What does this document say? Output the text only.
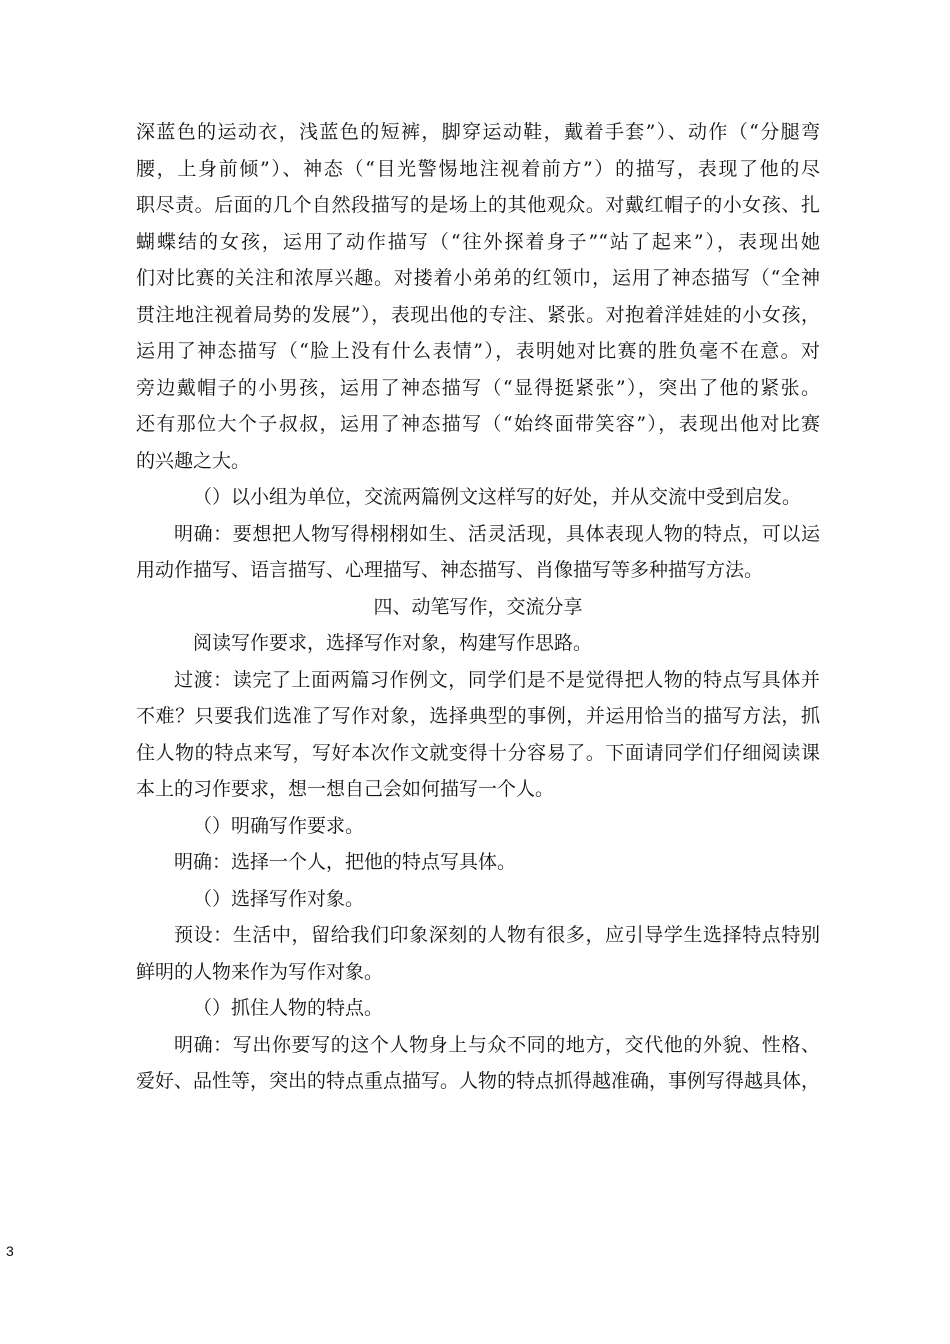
深蓝色的运动衣，浅蓝色的短裤，脚穿运动鞋，戴着手套”）、动作（“分腿弯
腰，上身前倾”）、神态（“目光警惕地注视着前方”）的描写，表现了他的尽
职尽责。后面的几个自然段描写的是场上的其他观众。对戴红帽子的小女孩、扎
蝴蝶结的女孩，运用了动作描写（“往外探着身子”“站了起来”），表现出她
们对比赛的关注和浓厚兴趣。对搂着小弟弟的红领巾，运用了神态描写（“全神
贯注地注视着局势的发展”），表现出他的专注、紧张。对抱着洋娃娃的小女孩，
运用了神态描写（“脸上没有什么表情”），表明她对比赛的胜负毫不在意。对
旁边戴帽子的小男孩，运用了神态描写（“显得挺紧张”），突出了他的紧张。
还有那位大个子叔叔，运用了神态描写（“始终面带笑容”），表现出他对比赛
的兴趣之大。
（）以小组为单位，交流两篇例文这样写的好处，并从交流中受到启发。
明确：要想把人物写得栩栩如生、活灵活现，具体表现人物的特点，可以运
用动作描写、语言描写、心理描写、神态描写、肖像描写等多种描写方法。
四、动笔写作，交流分享
阅读写作要求，选择写作对象，构建写作思路。
过渡：读完了上面两篇习作例文，同学们是不是觉得把人物的特点写具体并
不难？只要我们选准了写作对象，选择典型的事例，并运用恰当的描写方法，抓
住人物的特点来写，写好本次作文就变得十分容易了。下面请同学们仔细阅读课
本上的习作要求，想一想自己会如何描写一个人。
（）明确写作要求。
明确：选择一个人，把他的特点写具体。
（）选择写作对象。
预设：生活中，留给我们印象深刻的人物有很多，应引导学生选择特点特别
鲜明的人物来作为写作对象。
（）抓住人物的特点。
明确：写出你要写的这个人物身上与众不同的地方，交代他的外貌、性格、
爱好、品性等，突出的特点重点描写。人物的特点抓得越准确，事例写得越具体，
3
